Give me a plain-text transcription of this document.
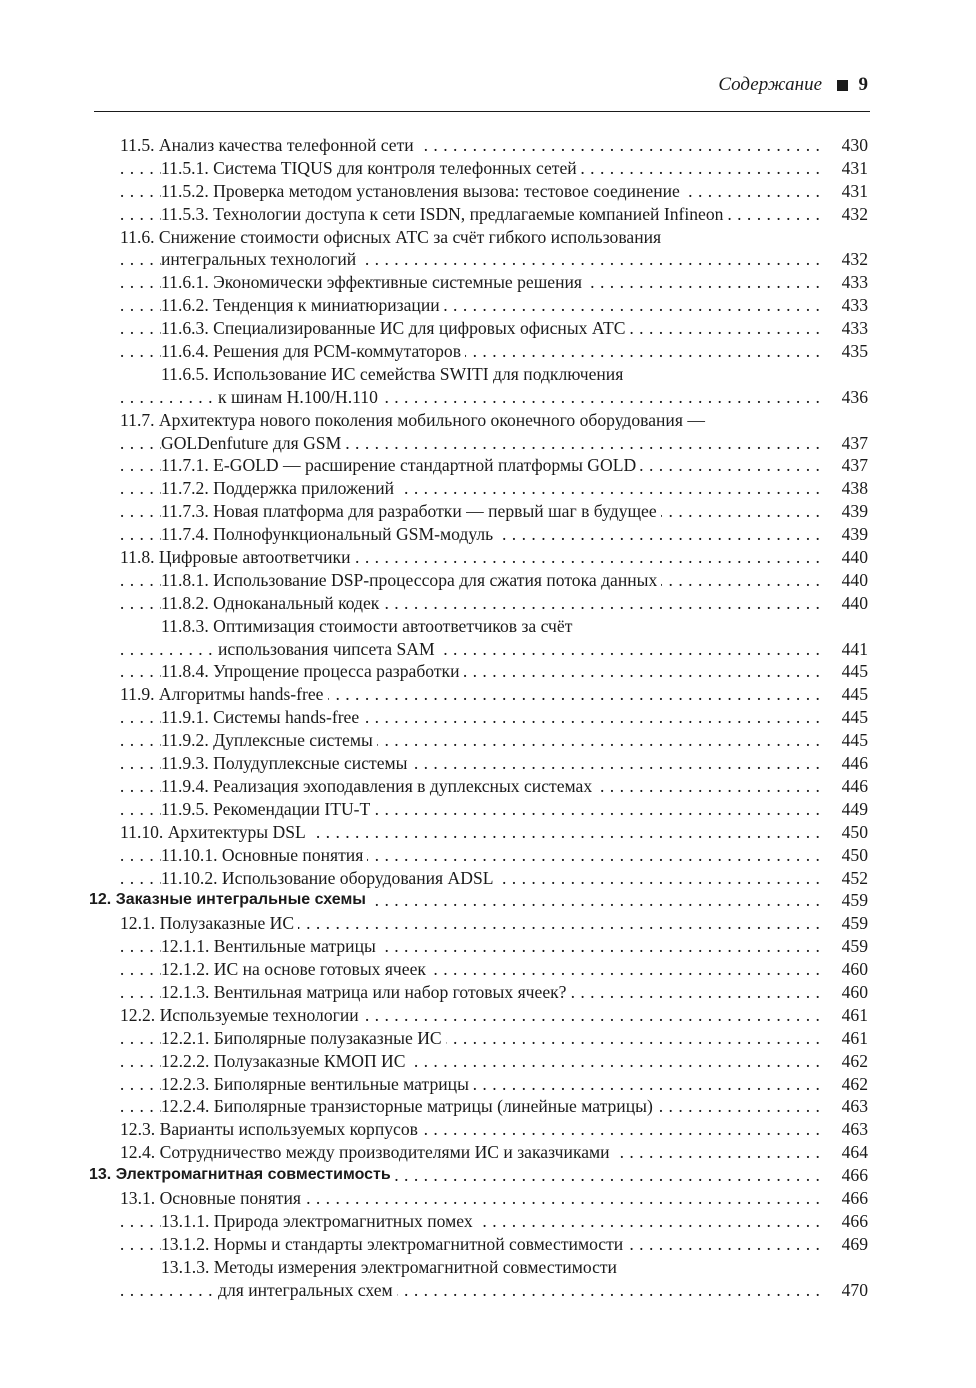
Содержание 9
. . . 11.5. Анализ качества телефонной сети	430
. . . 11.5.1. Система TIQUS для контроля телефонных сетей	431
. . . 11.5.2. Проверка методом установления вызова: тестовое соединение	431
. . . 11.5.3. Технологии доступа к сети ISDN, предлагаемые компанией Infineon	432
11.6. Снижение стоимости офисных АТС за счёт гибкого использования
. . . интегральных технологий	432
. . . 11.6.1. Экономически эффективные системные решения	433
. . . 11.6.2. Тенденция к миниатюризации	433
. . . 11.6.3. Специализированные ИС для цифровых офисных АТС	433
. . . 11.6.4. Решения для PCM-коммутаторов	435
11.6.5. Использование ИС семейства SWITI для подключения
. . . к шинам H.100/H.110	436
11.7. Архитектура нового поколения мобильного оконечного оборудования —
. . . GOLDenfuture для GSM	437
. . . 11.7.1. E-GOLD — расширение стандартной платформы GOLD	437
. . . 11.7.2. Поддержка приложений	438
. . . 11.7.3. Новая платформа для разработки — первый шаг в будущее	439
. . . 11.7.4. Полнофункциональный GSM-модуль	439
. . . 11.8. Цифровые автоответчики	440
. . . 11.8.1. Использование DSP-процессора для сжатия потока данных	440
. . . 11.8.2. Одноканальный кодек	440
11.8.3. Оптимизация стоимости автоответчиков за счёт
. . . использования чипсета SAM	441
. . . 11.8.4. Упрощение процесса разработки	445
. . . 11.9. Алгоритмы hands-free	445
. . . 11.9.1. Системы hands-free	445
. . . 11.9.2. Дуплексные системы	445
. . . 11.9.3. Полудуплексные системы	446
. . . 11.9.4. Реализация эхоподавления в дуплексных системах	446
. . . 11.9.5. Рекомендации ITU-T	449
. . . 11.10. Архитектуры DSL	450
. . . 11.10.1. Основные понятия	450
. . . 11.10.2. Использование оборудования ADSL	452
. . . 12. Заказные интегральные схемы	459
. . . 12.1. Полузаказные ИС	459
. . . 12.1.1. Вентильные матрицы	459
. . . 12.1.2. ИС на основе готовых ячеек	460
. . . 12.1.3. Вентильная матрица или набор готовых ячеек?	460
. . . 12.2. Используемые технологии	461
. . . 12.2.1. Биполярные полузаказные ИС	461
. . . 12.2.2. Полузаказные КМОП ИС	462
. . . 12.2.3. Биполярные вентильные матрицы	462
. . . 12.2.4. Биполярные транзисторные матрицы (линейные матрицы)	463
. . . 12.3. Варианты используемых корпусов	463
. . . 12.4. Сотрудничество между производителями ИС и заказчиками	464
. . . 13. Электромагнитная совместимость	466
. . . 13.1. Основные понятия	466
. . . 13.1.1. Природа электромагнитных помех	466
. . . 13.1.2. Нормы и стандарты электромагнитной совместимости	469
13.1.3. Методы измерения электромагнитной совместимости
. . . для интегральных схем	470
